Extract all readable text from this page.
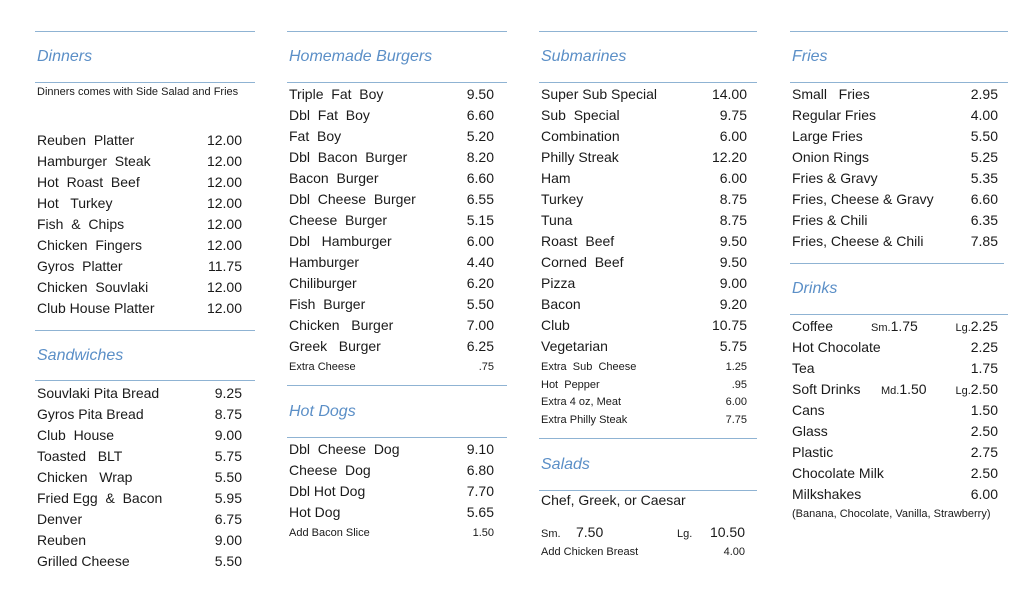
Dinners
Dinners comes with Side Salad and Fries
Reuben  Platter	12.00
Hamburger  Steak	12.00
Hot  Roast  Beef	12.00
Hot   Turkey	12.00
Fish  &  Chips	12.00
Chicken  Fingers	12.00
Gyros  Platter	11.75
Chicken  Souvlaki	12.00
Club House Platter	12.00
Sandwiches
Souvlaki Pita Bread	9.25
Gyros Pita Bread	8.75
Club  House	9.00
Toasted   BLT	5.75
Chicken   Wrap	5.50
Fried Egg  &  Bacon	5.95
Denver	6.75
Reuben	9.00
Grilled Cheese	5.50
Homemade Burgers
Triple  Fat  Boy	9.50
Dbl  Fat  Boy	6.60
Fat  Boy	5.20
Dbl  Bacon  Burger	8.20
Bacon  Burger	6.60
Dbl  Cheese  Burger	6.55
Cheese  Burger	5.15
Dbl   Hamburger	6.00
Hamburger	4.40
Chiliburger	6.20
Fish  Burger	5.50
Chicken   Burger	7.00
Greek   Burger	6.25
Extra Cheese	.75
Hot Dogs
Dbl  Cheese  Dog	9.10
Cheese  Dog	6.80
Dbl Hot Dog	7.70
Hot Dog	5.65
Add Bacon Slice	1.50
Submarines
Super Sub Special	14.00
Sub  Special	9.75
Combination	6.00
Philly Streak	12.20
Ham	6.00
Turkey	8.75
Tuna	8.75
Roast  Beef	9.50
Corned  Beef	9.50
Pizza	9.00
Bacon	9.20
Club	10.75
Vegetarian	5.75
Extra  Sub  Cheese	1.25
Hot  Pepper	.95
Extra 4 oz, Meat	6.00
Extra Philly Steak	7.75
Salads
Chef, Greek, or Caesar
Sm. 7.50	Lg. 10.50
Add Chicken Breast	4.00
Fries
Small   Fries	2.95
Regular Fries	4.00
Large Fries	5.50
Onion Rings	5.25
Fries & Gravy	5.35
Fries, Cheese & Gravy	6.60
Fries & Chili	6.35
Fries, Cheese & Chili	7.85
Drinks
Coffee	Sm.1.75	Lg.2.25
Hot Chocolate	2.25
Tea	1.75
Soft Drinks Md.1.50	Lg.2.50
Cans	1.50
Glass	2.50
Plastic	2.75
Chocolate Milk	2.50
Milkshakes	6.00
(Banana, Chocolate, Vanilla, Strawberry)
